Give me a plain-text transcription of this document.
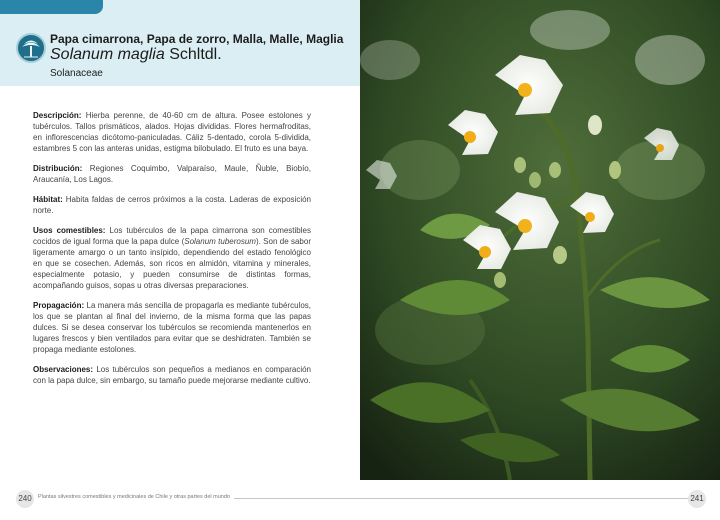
Papa cimarrona, Papa de zorro, Malla, Malle, Maglia
Solanum maglia Schltdl.
Solanaceae

Descripción: Hierba perenne, de 40-60 cm de altura. Posee estolones y tubérculos. Tallos prismáticos, alados. Hojas divididas. Flores hermafroditas, en inflorescencias dicótomo-paniculadas. Cáliz 5-dentado, corola 5-dividida, estambres 5 con las anteras unidas, estigma bilobulado. El fruto es una baya.

Distribución: Regiones Coquimbo, Valparaíso, Maule, Ñuble, Biobío, Araucanía, Los Lagos.

Hábitat: Habita faldas de cerros próximos a la costa. Laderas de exposición norte.

Usos comestibles: Los tubérculos de la papa cimarrona son comestibles cocidos de igual forma que la papa dulce (Solanum tuberosum). Son de sabor ligeramente amargo o un tanto insípido, dependiendo del estado fenológico en que se cosechen. Además, son ricos en almidón, vitamina y minerales, especialmente potasio, y pueden consumirse de distintas formas, acompañando guisos, sopas u otras diversas preparaciones.

Propagación: La manera más sencilla de propagarla es mediante tubérculos, los que se plantan al final del invierno, de la misma forma que las papas dulces. Si se desea conservar los tubérculos se recomienda mantenerlos en lugares frescos y bien ventilados para evitar que se deshidraten. También se propaga mediante estolones.

Observaciones: Los tubérculos son pequeños a medianos en comparación con la papa dulce, sin embargo, su tamaño puede mejorarse mediante cultivo.

240	Plantas silvestres comestibles y medicinales de Chile y otras partes del mundo	241
